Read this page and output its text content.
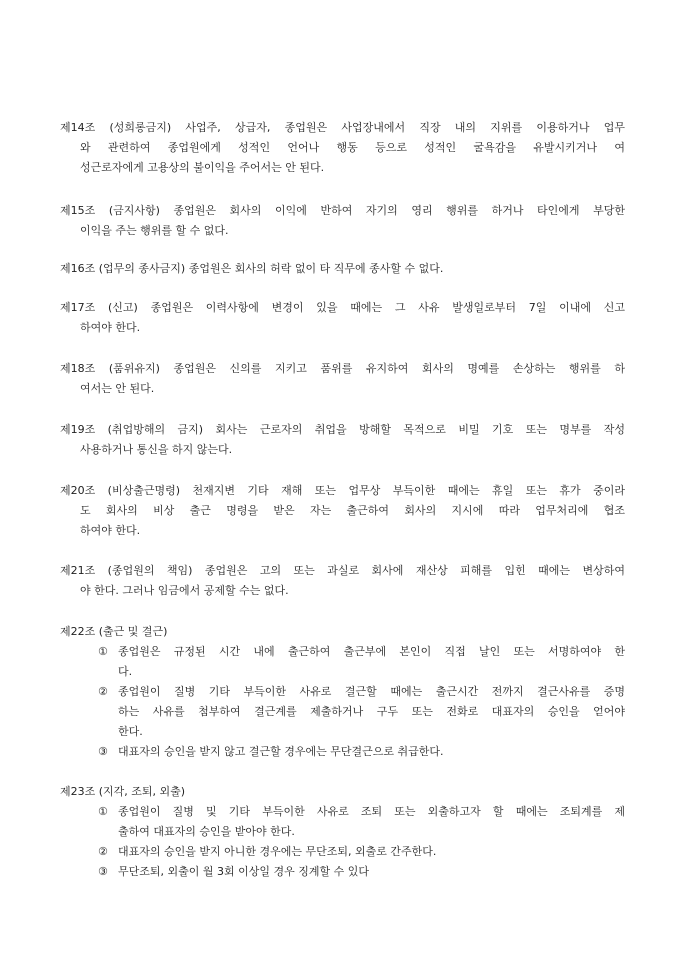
제14조 (성희롱금지) 사업주, 상급자, 종업원은 사업장내에서 직장 내의 지위를 이용하거나 업무
와 관련하여 종업원에게 성적인 언어나 행동 등으로 성적인 굴욕감을 유발시키거나 여
성근로자에게 고용상의 불이익을 주어서는 안 된다.
제15조 (금지사항) 종업원은 회사의 이익에 반하여 자기의 영리 행위를 하거나 타인에게 부당한
이익을 주는 행위를 할 수 없다.
제16조 (업무의 종사금지) 종업원은 회사의 허락 없이 타 직무에 종사할 수 없다.
제17조 (신고) 종업원은 이력사항에 변경이 있을 때에는 그 사유 발생일로부터 7일 이내에 신고
하여야 한다.
제18조 (품위유지) 종업원은 신의를 지키고 품위를 유지하여 회사의 명예를 손상하는 행위를 하
여서는 안 된다.
제19조 (취업방해의 금지) 회사는 근로자의 취업을 방해할 목적으로 비밀 기호 또는 명부를 작성
사용하거나 통신을 하지 않는다.
제20조 (비상출근명령) 천재지변 기타 재해 또는 업무상 부득이한 때에는 휴일 또는 휴가 중이라
도 회사의 비상 출근 명령을 받은 자는 출근하여 회사의 지시에 따라 업무처리에 협조
하여야 한다.
제21조 (종업원의 책임) 종업원은 고의 또는 과실로 회사에 재산상 피해를 입힌 때에는 변상하여
야 한다. 그러나 임금에서 공제할 수는 없다.
제22조 (출근 및 결근)
① 종업원은 규정된 시간 내에 출근하여 출근부에 본인이 직접 날인 또는 서명하여야 한
다.
② 종업원이 질병 기타 부득이한 사유로 결근할 때에는 출근시간 전까지 결근사유를 증명
하는 사유를 첨부하여 결근계를 제출하거나 구두 또는 전화로 대표자의 승인을 얻어야
한다.
③ 대표자의 승인을 받지 않고 결근할 경우에는 무단결근으로 취급한다.
제23조 (지각, 조퇴, 외출)
① 종업원이 질병 및 기타 부득이한 사유로 조퇴 또는 외출하고자 할 때에는 조퇴계를 제
출하여 대표자의 승인을 받아야 한다.
② 대표자의 승인을 받지 아니한 경우에는 무단조퇴, 외출로 간주한다.
③ 무단조퇴, 외출이 월 3회 이상일 경우 징계할 수 있다
